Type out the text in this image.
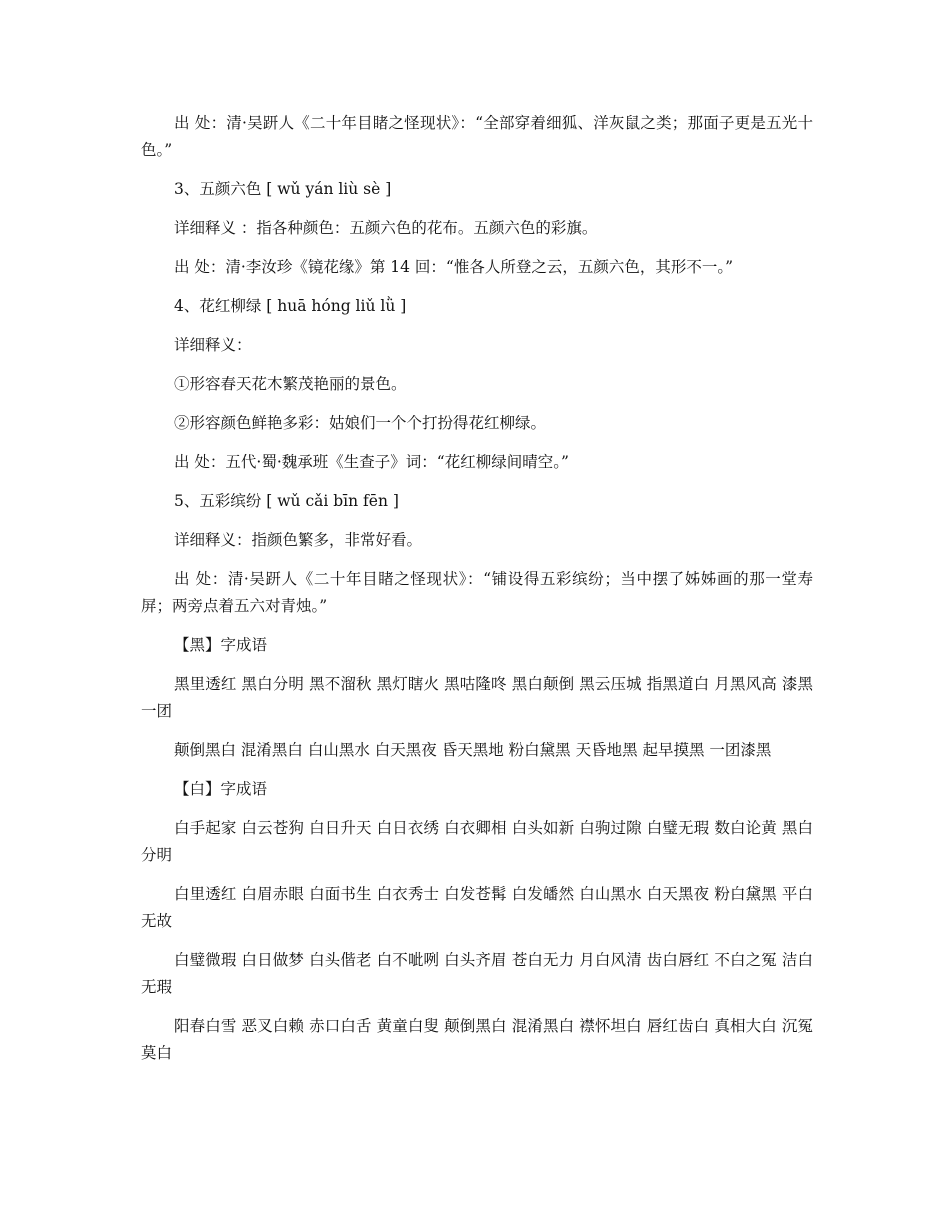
出 处：清·吴趼人《二十年目睹之怪现状》：“全部穿着细狐、洋灰鼠之类；那面子更是五光十色。”

3、五颜六色 [ wǔ yán liù sè ]

详细释义 ：指各种颜色：五颜六色的花布。五颜六色的彩旗。

出 处：清·李汝珍《镜花缘》第 14 回：“惟各人所登之云，五颜六色，其形不一。”

4、花红柳绿 [ huā hóng liǔ lǜ ]

详细释义：

①形容春天花木繁茂艳丽的景色。

②形容颜色鲜艳多彩：姑娘们一个个打扮得花红柳绿。

出 处：五代·蜀·魏承班《生查子》词：“花红柳绿间晴空。”

5、五彩缤纷 [ wǔ cǎi bīn fēn ]

详细释义：指颜色繁多，非常好看。

出 处：清·吴趼人《二十年目睹之怪现状》：“铺设得五彩缤纷；当中摆了姊姊画的那一堂寿屏；两旁点着五六对青烛。”

【黑】字成语

黑里透红 黑白分明 黑不溜秋 黑灯瞎火 黑咕隆咚 黑白颠倒 黑云压城 指黑道白 月黑风高 漆黑一团

颠倒黑白 混淆黑白 白山黑水 白天黑夜 昏天黑地 粉白黛黑 天昏地黑 起早摸黑 一团漆黑

【白】字成语

白手起家 白云苍狗 白日升天 白日衣绣 白衣卿相 白头如新 白驹过隙 白璧无瑕 数白论黄 黑白分明

白里透红 白眉赤眼 白面书生 白衣秀士 白发苍髯 白发皤然 白山黑水 白天黑夜 粉白黛黑 平白无故

白璧微瑕 白日做梦 白头偕老 白不呲咧 白头齐眉 苍白无力 月白风清 齿白唇红 不白之冤 洁白无瑕

阳春白雪 恶叉白赖 赤口白舌 黄童白叟 颠倒黑白 混淆黑白 襟怀坦白 唇红齿白 真相大白 沉冤莫白
